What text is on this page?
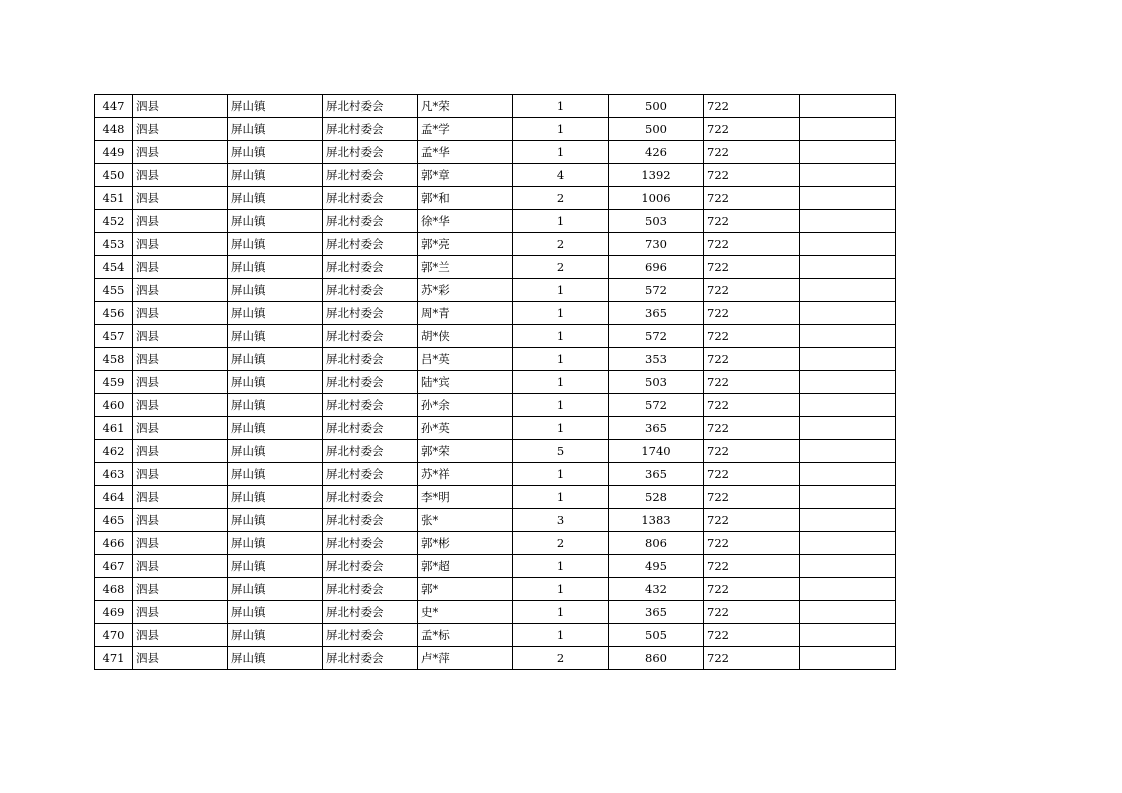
447	泗县	屏山镇	屏北村委会	凡*荣	1	500	722	
448	泗县	屏山镇	屏北村委会	孟*学	1	500	722	
449	泗县	屏山镇	屏北村委会	孟*华	1	426	722	
450	泗县	屏山镇	屏北村委会	郭*章	4	1392	722	
451	泗县	屏山镇	屏北村委会	郭*和	2	1006	722	
452	泗县	屏山镇	屏北村委会	徐*华	1	503	722	
453	泗县	屏山镇	屏北村委会	郭*亮	2	730	722	
454	泗县	屏山镇	屏北村委会	郭*兰	2	696	722	
455	泗县	屏山镇	屏北村委会	苏*彩	1	572	722	
456	泗县	屏山镇	屏北村委会	周*青	1	365	722	
457	泗县	屏山镇	屏北村委会	胡*侠	1	572	722	
458	泗县	屏山镇	屏北村委会	吕*英	1	353	722	
459	泗县	屏山镇	屏北村委会	陆*宾	1	503	722	
460	泗县	屏山镇	屏北村委会	孙*余	1	572	722	
461	泗县	屏山镇	屏北村委会	孙*英	1	365	722	
462	泗县	屏山镇	屏北村委会	郭*荣	5	1740	722	
463	泗县	屏山镇	屏北村委会	苏*祥	1	365	722	
464	泗县	屏山镇	屏北村委会	李*明	1	528	722	
465	泗县	屏山镇	屏北村委会	张*	3	1383	722	
466	泗县	屏山镇	屏北村委会	郭*彬	2	806	722	
467	泗县	屏山镇	屏北村委会	郭*超	1	495	722	
468	泗县	屏山镇	屏北村委会	郭*	1	432	722	
469	泗县	屏山镇	屏北村委会	史*	1	365	722	
470	泗县	屏山镇	屏北村委会	孟*标	1	505	722	
471	泗县	屏山镇	屏北村委会	卢*萍	2	860	722	
